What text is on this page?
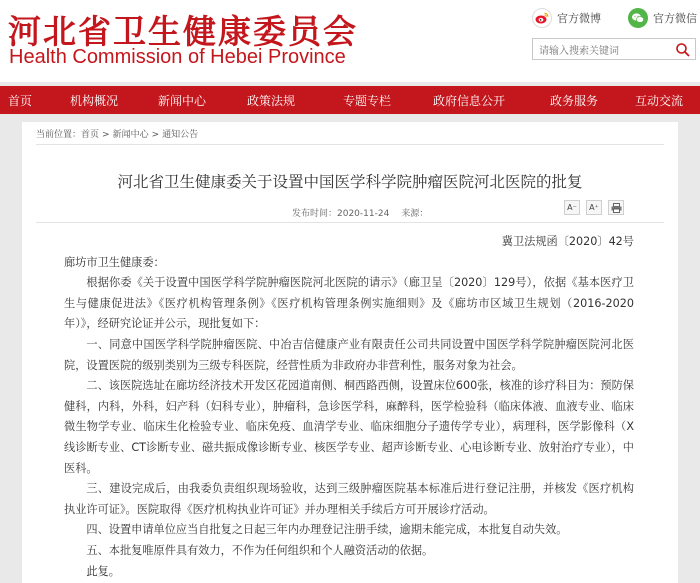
河北省卫生健康委员会
Health Commission of Hebei Province
官方微博	官方微信
请输入搜索关键词
首页	机构概况	新闻中心	政策法规	专题专栏	政府信息公开	政务服务	互动交流
当前位置：首页 > 新闻中心 > 通知公告
河北省卫生健康委关于设置中国医学科学院肿瘤医院河北医院的批复
发布时间：2020-11-24 来源：
A⁻	A⁺

冀卫法规函〔2020〕42号

廊坊市卫生健康委：

根据你委《关于设置中国医学科学院肿瘤医院河北医院的请示》（廊卫呈〔2020〕129号），依据《基本医疗卫生与健康促进法》《医疗机构管理条例》《医疗机构管理条例实施细则》及《廊坊市区域卫生规划（2016-2020年）》，经研究论证并公示，现批复如下：

一、同意中国医学科学院肿瘤医院、中冶吉信健康产业有限责任公司共同设置中国医学科学院肿瘤医院河北医院，设置医院的级别类别为三级专科医院，经营性质为非政府办非营利性，服务对象为社会。

二、该医院选址在廊坊经济技术开发区花园道南侧、桐西路西侧，设置床位600张，核准的诊疗科目为：预防保健科，内科，外科，妇产科（妇科专业），肿瘤科，急诊医学科，麻醉科，医学检验科（临床体液、血液专业、临床微生物学专业、临床生化检验专业、临床免疫、血清学专业、临床细胞分子遗传学专业），病理科，医学影像科（X线诊断专业、CT诊断专业、磁共振成像诊断专业、核医学专业、超声诊断专业、心电诊断专业、放射治疗专业），中医科。

三、建设完成后，由我委负责组织现场验收，达到三级肿瘤医院基本标准后进行登记注册，并核发《医疗机构执业许可证》。医院取得《医疗机构执业许可证》并办理相关手续后方可开展诊疗活动。

四、设置申请单位应当自批复之日起三年内办理登记注册手续，逾期未能完成，本批复自动失效。

五、本批复唯原件具有效力，不作为任何组织和个人融资活动的依据。

此复。
